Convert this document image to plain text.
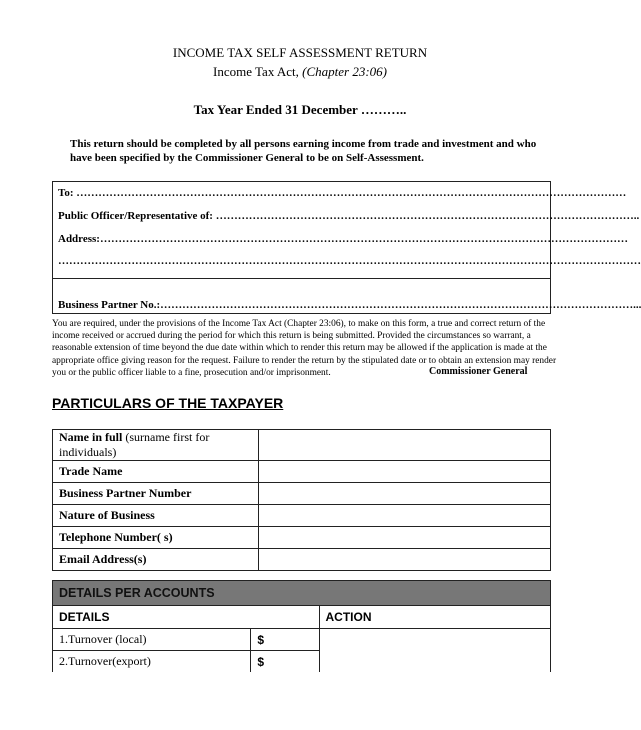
INCOME TAX SELF ASSESSMENT RETURN
Income Tax Act, (Chapter 23:06)
Tax Year Ended 31 December ………..
This return should be completed by all persons earning income from trade and investment and who have been specified by the Commissioner General to be on Self-Assessment.
To: ……………………………………………………………………………………………………………………………………
Public Officer/Representative of: ……………………………………………………………………………………………………..
Address:………………………………………………………………………………………………………………………………
……………………………………………………………………………………………………………………………………………
Business Partner No.:…………………………………………………………………………………………………………………...
You are required, under the provisions of the Income Tax Act (Chapter 23:06), to make on this form, a true and correct return of the income received or accrued during the period for which this return is being submitted. Provided the circumstances so warrant, a reasonable extension of time beyond the due date within which to render this return may be allowed if the application is made at the appropriate office giving reason for the request. Failure to render the return by the stipulated date or to obtain an extension may render you or the public officer liable to a fine, prosecution and/or imprisonment.	Commissioner General
PARTICULARS OF THE TAXPAYER
Name in full (surname first for individuals)	
Trade Name	
Business Partner Number	
Nature of Business	
Telephone Number( s)	
Email Address(s)	
DETAILS PER ACCOUNTS		
DETAILS		ACTION
1.Turnover (local)	$	
2.Turnover(export)	$	
